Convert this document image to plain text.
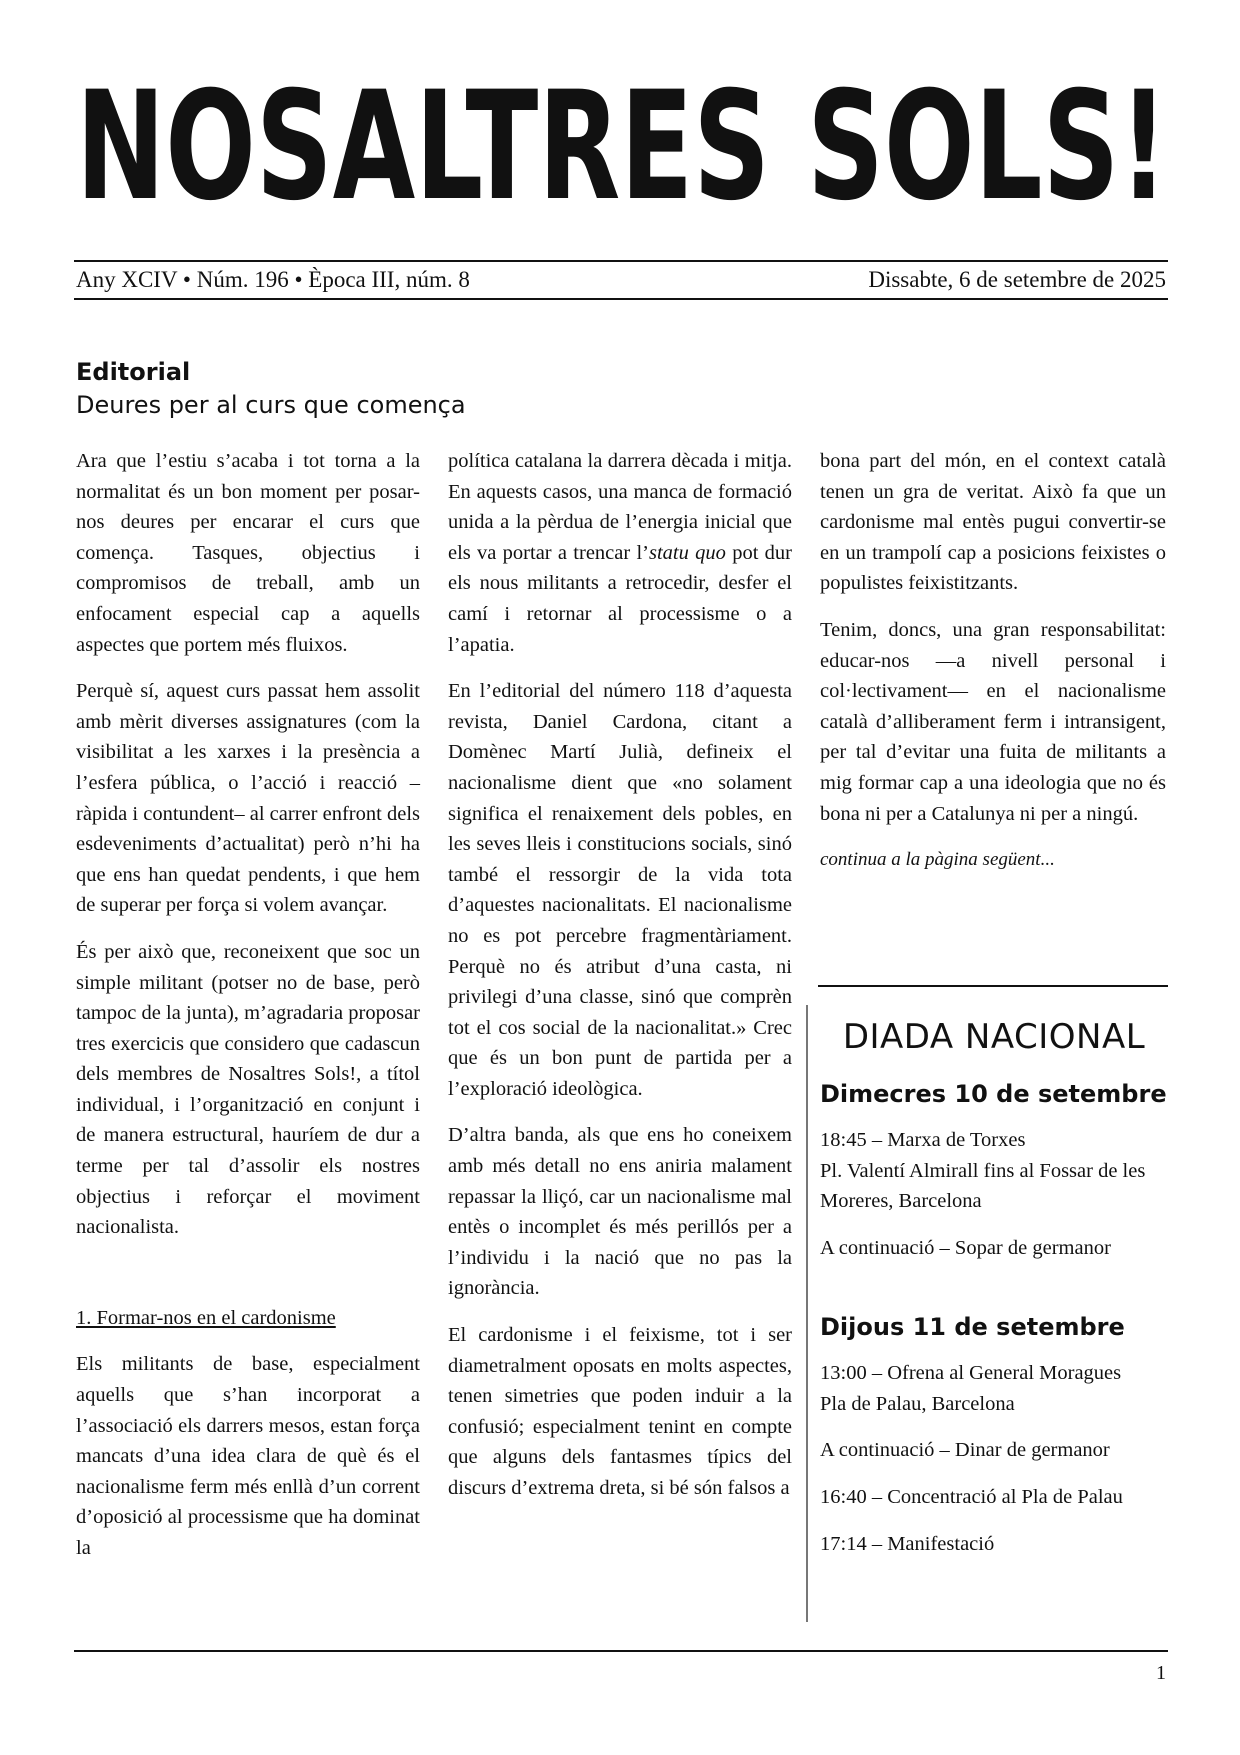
NOSALTRES SOLS!
Any XCIV • Núm. 196 • Època III, núm. 8	Dissabte, 6 de setembre de 2025
Editorial
Deures per al curs que comença

Ara que l’estiu s’acaba i tot torna a la normalitat és un bon moment per posar-nos deures per encarar el curs que comença. Tasques, objectius i compromisos de treball, amb un enfocament especial cap a aquells aspectes que portem més fluixos.

Perquè sí, aquest curs passat hem assolit amb mèrit diverses assignatures (com la visibilitat a les xarxes i la presència a l’esfera pública, o l’acció i reacció –ràpida i contundent– al carrer enfront dels esdeveniments d’actualitat) però n’hi ha que ens han quedat pendents, i que hem de superar per força si volem avançar.

És per això que, reconeixent que soc un simple militant (potser no de base, però tampoc de la junta), m’agradaria proposar tres exercicis que considero que cadascun dels membres de Nosaltres Sols!, a títol individual, i l’organització en conjunt i de manera estructural, hauríem de dur a terme per tal d’assolir els nostres objectius i reforçar el moviment nacionalista.

1. Formar-nos en el cardonisme

Els militants de base, especialment aquells que s’han incorporat a l’associació els darrers mesos, estan força mancats d’una idea clara de què és el nacionalisme ferm més enllà d’un corrent d’oposició al processisme que ha dominat la

política catalana la darrera dècada i mitja. En aquests casos, una manca de formació unida a la pèrdua de l’energia inicial que els va portar a trencar l’statu quo pot dur els nous militants a retrocedir, desfer el camí i retornar al processisme o a l’apatia.

En l’editorial del número 118 d’aquesta revista, Daniel Cardona, citant a Domènec Martí Julià, defineix el nacionalisme dient que «no solament significa el renaixement dels pobles, en les seves lleis i constitucions socials, sinó també el ressorgir de la vida tota d’aquestes nacionalitats. El nacionalisme no es pot percebre fragmentàriament. Perquè no és atribut d’una casta, ni privilegi d’una classe, sinó que comprèn tot el cos social de la nacionalitat.» Crec que és un bon punt de partida per a l’exploració ideològica.

D’altra banda, als que ens ho coneixem amb més detall no ens aniria malament repassar la lliçó, car un nacionalisme mal entès o incomplet és més perillós per a l’individu i la nació que no pas la ignorància.

El cardonisme i el feixisme, tot i ser diametralment oposats en molts aspectes, tenen simetries que poden induir a la confusió; especialment tenint en compte que alguns dels fantasmes típics del discurs d’extrema dreta, si bé són falsos a

bona part del món, en el context català tenen un gra de veritat. Això fa que un cardonisme mal entès pugui convertir-se en un trampolí cap a posicions feixistes o populistes feixistitzants.

Tenim, doncs, una gran responsabilitat: educar-nos —a nivell personal i col·lectivament— en el nacionalisme català d’alliberament ferm i intransigent, per tal d’evitar una fuita de militants a mig formar cap a una ideologia que no és bona ni per a Catalunya ni per a ningú.

continua a la pàgina següent...

DIADA NACIONAL
Dimecres 10 de setembre

18:45 – Marxa de Torxes

Pl. Valentí Almirall fins al Fossar de les Moreres, Barcelona

A continuació – Sopar de germanor

Dijous 11 de setembre

13:00 – Ofrena al General Moragues

Pla de Palau, Barcelona

A continuació – Dinar de germanor

16:40 – Concentració al Pla de Palau

17:14 – Manifestació

1
